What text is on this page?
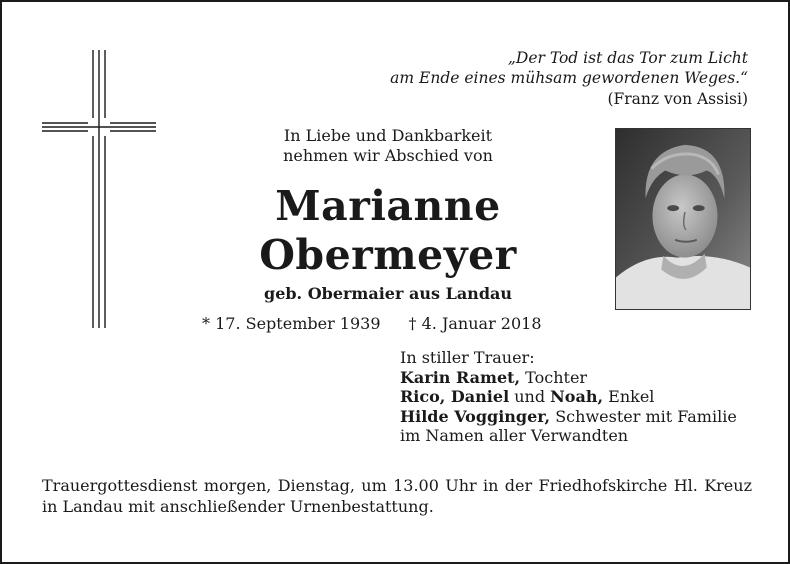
„Der Tod ist das Tor zum Licht
am Ende eines mühsam gewordenen Weges.“
(Franz von Assisi)
In Liebe und Dankbarkeit
nehmen wir Abschied von
Marianne
Obermeyer
geb. Obermaier aus Landau
* 17. September 1939 † 4. Januar 2018
In stiller Trauer:
Karin Ramet, Tochter
Rico, Daniel und Noah, Enkel
Hilde Vogginger, Schwester mit Familie
im Namen aller Verwandten
Trauergottesdienst morgen, Dienstag, um 13.00 Uhr in der Friedhofskirche Hl. Kreuz in Landau mit anschließender Urnenbestattung.
